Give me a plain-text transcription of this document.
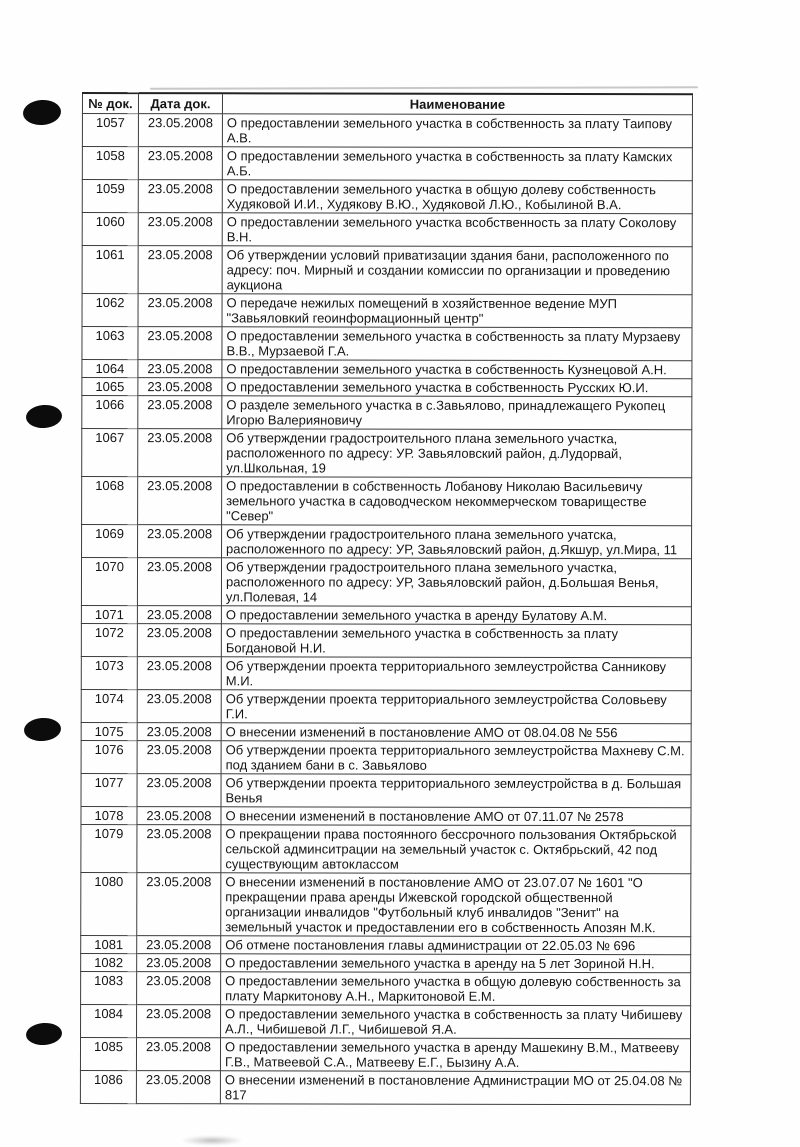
№ док.	Дата док.	Наименование
1057	23.05.2008	О предоставлении земельного участка в собственность за плату Таипову А.В.
1058	23.05.2008	О предоставлении земельного участка в собственность за плату Камских А.Б.
1059	23.05.2008	О предоставлении земельного участка в общую долеву собственность Худяковой И.И., Худякову В.Ю., Худяковой Л.Ю., Кобылиной В.А.
1060	23.05.2008	О предоставлении земельного участка всобственность за плату Соколову В.Н.
1061	23.05.2008	Об утверждении условий приватизации здания бани, расположенного по адресу: поч. Мирный и создании комиссии по организации и проведению аукциона
1062	23.05.2008	О передаче нежилых помещений в хозяйственное ведение МУП "Завьяловкий геоинформационный центр"
1063	23.05.2008	О предоставлении земельного участка в собственность за плату Мурзаеву В.В., Мурзаевой Г.А.
1064	23.05.2008	О предоставлении земельного участка в собственность Кузнецовой А.Н.
1065	23.05.2008	О предоставлении земельного участка в собственность Русских Ю.И.
1066	23.05.2008	О разделе земельного участка в с.Завьялово, принадлежащего Рукопец Игорю Валерияновичу
1067	23.05.2008	Об утверждении градостроительного плана земельного участка, расположенного по адресу: УР. Завьяловский район, д.Лудорвай, ул.Школьная, 19
1068	23.05.2008	О предоставлении в собственность Лобанову Николаю Васильевичу земельного участка в садоводческом некоммерческом товариществе "Север"
1069	23.05.2008	Об утверждении градостроительного плана земельного учатска, расположенного по адресу: УР, Завьяловский район, д.Якшур, ул.Мира, 11
1070	23.05.2008	Об утверждении градостроительного плана земельного участка, расположенного по адресу: УР, Завьяловский район, д.Большая Венья, ул.Полевая, 14
1071	23.05.2008	О предоставлении земельного участка в аренду Булатову А.М.
1072	23.05.2008	О предоставлении земельного участка в собственность за плату Богдановой Н.И.
1073	23.05.2008	Об утверждении проекта территориального землеустройства Санникову М.И.
1074	23.05.2008	Об утверждении проекта территориального землеустройства Соловьеву Г.И.
1075	23.05.2008	О внесении изменений в постановление АМО от 08.04.08 № 556
1076	23.05.2008	Об утверждении проекта территориального землеустройства Махневу С.М. под зданием бани в с. Завьялово
1077	23.05.2008	Об утверждении проекта территориального землеустройства в д. Большая Венья
1078	23.05.2008	О внесении изменений в постановление АМО от 07.11.07 № 2578
1079	23.05.2008	О прекращении права постоянного бессрочного пользования Октябрьской сельской админситрации на земельный участок с. Октябрьский, 42 под существующим автоклассом
1080	23.05.2008	О внесении изменений в постановление АМО от 23.07.07 № 1601 "О прекращении права аренды Ижевской городской общественной организации инвалидов "Футбольный клуб инвалидов "Зенит" на земельный участок и предоставлении его в собственность Апозян М.К.
1081	23.05.2008	Об отмене постановления главы администрации от 22.05.03 № 696
1082	23.05.2008	О предоставлении земельного участка в аренду на 5 лет Зориной Н.Н.
1083	23.05.2008	О предоставлении земельного участка в общую долевую собственность за плату Маркитонову А.Н., Маркитоновой Е.М.
1084	23.05.2008	О предоставлении земельного участка в собственность за плату Чибишеву А.Л., Чибишевой Л.Г., Чибишевой Я.А.
1085	23.05.2008	О предоставлении земельного участка в аренду Машекину В.М., Матвееву Г.В., Матвеевой С.А., Матвееву Е.Г., Бызину А.А.
1086	23.05.2008	О внесении изменений в постановление Администрации МО от 25.04.08 № 817
